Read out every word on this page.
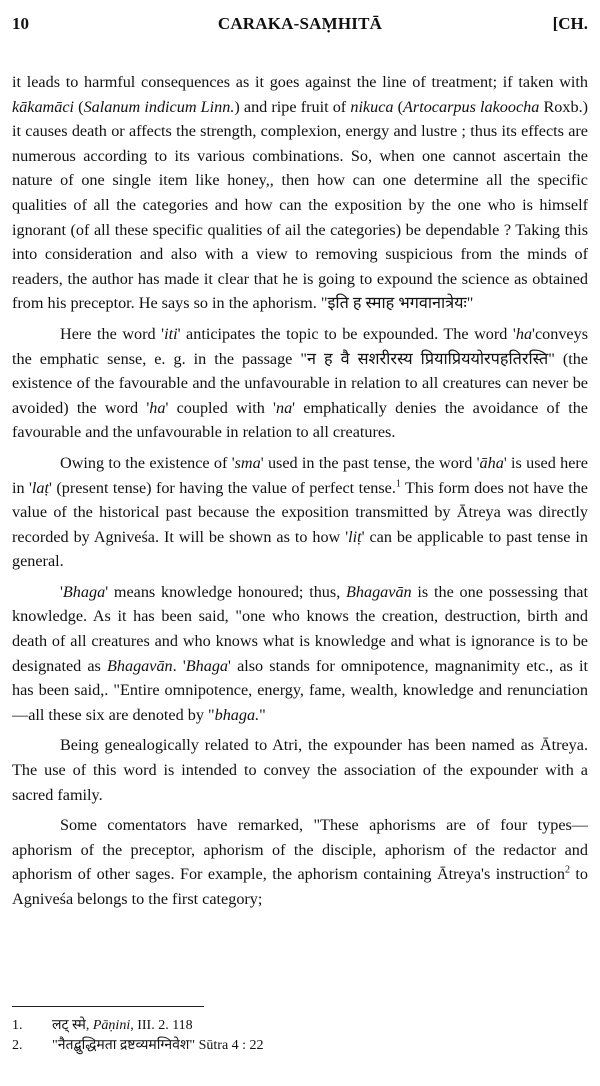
10	CARAKA-SAṂHITĀ	[CH.

it leads to harmful consequences as it goes against the line of treatment; if taken with kākamāci (Salanum indicum Linn.) and ripe fruit of nikuca (Artocarpus lakoocha Roxb.) it causes death or affects the strength, complexion, energy and lustre ; thus its effects are numerous according to its various combinations. So, when one cannot ascertain the nature of one single item like honey,, then how can one determine all the specific qualities of all the categories and how can the exposition by the one who is himself ignorant (of all these specific qualities of ail the categories) be dependable ? Taking this into consideration and also with a view to removing suspicious from the minds of readers, the author has made it clear that he is going to expound the science as obtained from his preceptor. He says so in the aphorism. "इति ह स्माह भगवानात्रेयः"

Here the word 'iti' anticipates the topic to be expounded. The word 'ha'conveys the emphatic sense, e. g. in the passage "न ह वै सशरीरस्य प्रियाप्रिययोरपहतिरस्ति" (the existence of the favourable and the unfavourable in relation to all creatures can never be avoided) the word 'ha' coupled with 'na' emphatically denies the avoidance of the favourable and the unfavourable in relation to all creatures.

Owing to the existence of 'sma' used in the past tense, the word 'āha' is used here in 'laṭ' (present tense) for having the value of perfect tense.$^1$ This form does not have the value of the historical past because the exposition transmitted by Ātreya was directly recorded by Agniveśa. It will be shown as to how 'liṭ' can be applicable to past tense in general.

'Bhaga' means knowledge honoured; thus, Bhagavān is the one possessing that knowledge. As it has been said, "one who knows the creation, destruction, birth and death of all creatures and who knows what is knowledge and what is ignorance is to be designated as Bhagavān. 'Bhaga' also stands for omnipotence, magnanimity etc., as it has been said,. "Entire omnipotence, energy, fame, wealth, knowledge and renunciation—all these six are denoted by "bhaga."

Being genealogically related to Atri, the expounder has been named as Ātreya. The use of this word is intended to convey the association of the expounder with a sacred family.

Some comentators have remarked, "These aphorisms are of four types—aphorism of the preceptor, aphorism of the disciple, aphorism of the redactor and aphorism of other sages. For example, the aphorism containing Ātreya's instruction$^2$ to Agniveśa belongs to the first category;

1.	लट् स्मे, Pāṇini, III. 2. 118
2.	"नैतद्बुद्धिमता द्रष्टव्यमग्निवेश" Sūtra 4 : 22
